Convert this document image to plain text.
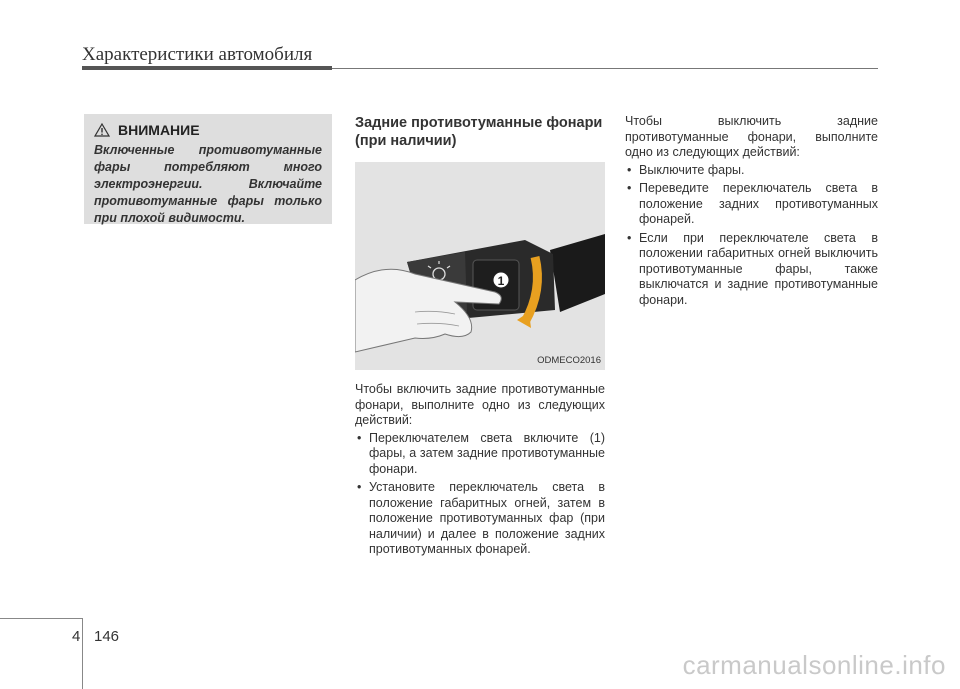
Характеристики автомобиля
ВНИМАНИЕ
Включенные противотуманные фары потребляют много электроэнергии. Включайте противотуманные фары только при плохой видимости.
Задние противотуманные фонари (при наличии)
1
ODMECO2016

Чтобы включить задние противотуманные фонари, выполните одно из следующих действий:

• Переключателем света включите (1) фары, а затем задние противотуманные фонари.
• Установите переключатель света в положение габаритных огней, затем в положение противотуманных фар (при наличии) и далее в положение задних противотуманных фонарей.

Чтобы выключить задние противотуманные фонари, выполните одно из следующих действий:

• Выключите фары.
• Переведите переключатель света в положение задних противотуманных фонарей.
• Если при переключателе света в положении габаритных огней выключить противотуманные фары, также выключатся и задние противотуманные фонари.
4 146
carmanualsonline.info
